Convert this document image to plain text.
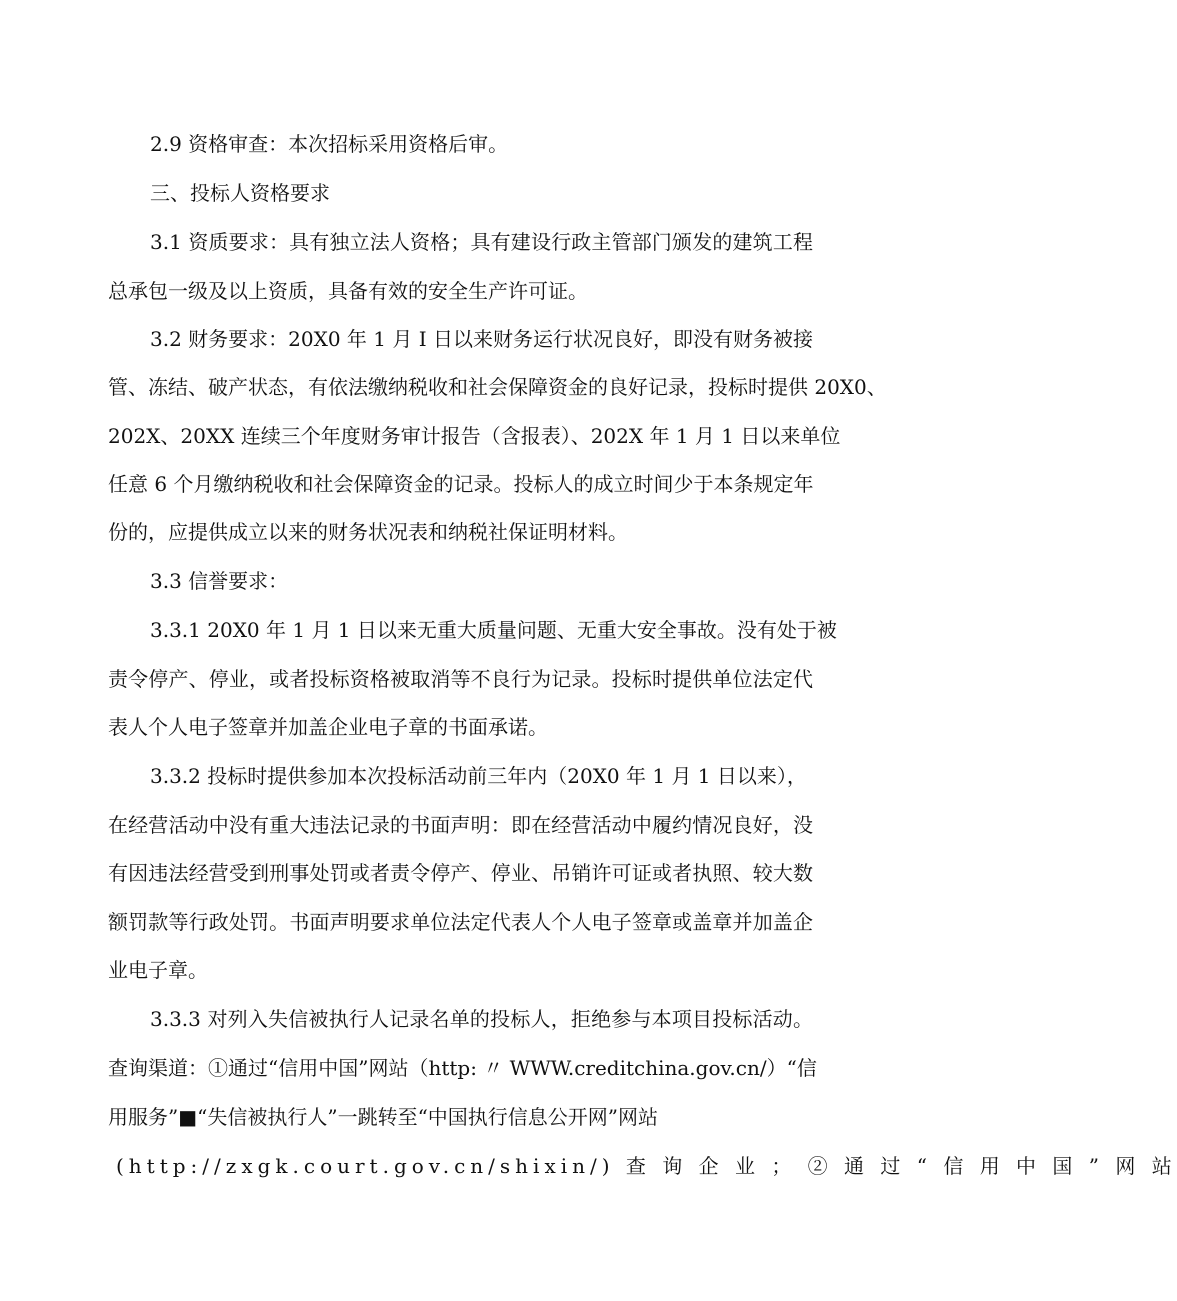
2.9 资格审查：本次招标采用资格后审。
三、投标人资格要求
3.1 资质要求：具有独立法人资格；具有建设行政主管部门颁发的建筑工程
总承包一级及以上资质，具备有效的安全生产许可证。
3.2 财务要求：20X0 年 1 月 I 日以来财务运行状况良好，即没有财务被接
管、冻结、破产状态，有依法缴纳税收和社会保障资金的良好记录，投标时提供 20X0、
202X、20XX 连续三个年度财务审计报告（含报表）、202X 年 1 月 1 日以来单位
任意 6 个月缴纳税收和社会保障资金的记录。投标人的成立时间少于本条规定年
份的，应提供成立以来的财务状况表和纳税社保证明材料。
3.3 信誉要求：
3.3.1 20X0 年 1 月 1 日以来无重大质量问题、无重大安全事故。没有处于被
责令停产、停业，或者投标资格被取消等不良行为记录。投标时提供单位法定代
表人个人电子签章并加盖企业电子章的书面承诺。
3.3.2 投标时提供参加本次投标活动前三年内（20X0 年 1 月 1 日以来），
在经营活动中没有重大违法记录的书面声明：即在经营活动中履约情况良好，没
有因违法经营受到刑事处罚或者责令停产、停业、吊销许可证或者执照、较大数
额罚款等行政处罚。书面声明要求单位法定代表人个人电子签章或盖章并加盖企
业电子章。
3.3.3 对列入失信被执行人记录名单的投标人，拒绝参与本项目投标活动。
查询渠道：①通过“信用中国”网站（http: 〃 WWW.creditchina.gov.cn/）“信
用服务”■“失信被执行人”一跳转至“中国执行信息公开网”网站
(http://zxgk.court.gov.cn/shixin/) 查 询 企 业 ； ② 通 过 “ 信 用 中 国 ” 网 站
